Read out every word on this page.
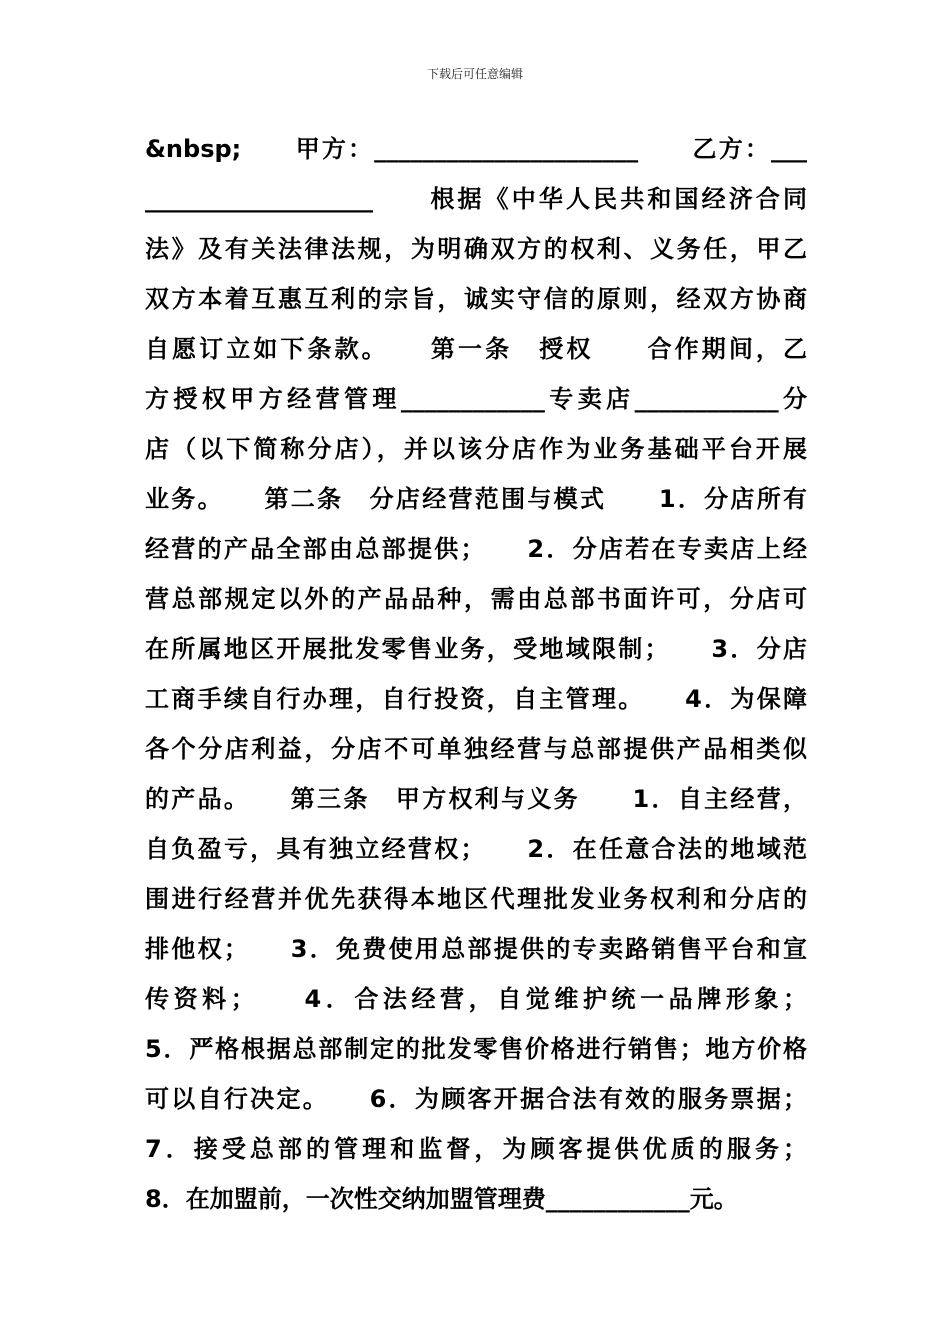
下载后可任意编辑
&nbsp;　　甲方：______________________　　乙方：___
___________________　　根据《中华人民共和国经济合同
法》及有关法律法规，为明确双方的权利、义务任，甲乙
双方本着互惠互利的宗旨，诚实守信的原则，经双方协商
自愿订立如下条款。　　第一条　授权　　合作期间，乙
方授权甲方经营管理____________专卖店____________分
店（以下简称分店），并以该分店作为业务基础平台开展
业务。　　第二条　分店经营范围与模式　　1．分店所有
经营的产品全部由总部提供；　　2．分店若在专卖店上经
营总部规定以外的产品品种，需由总部书面许可，分店可
在所属地区开展批发零售业务，受地域限制；　　3．分店
工商手续自行办理，自行投资，自主管理。　　4．为保障
各个分店利益，分店不可单独经营与总部提供产品相类似
的产品。　　第三条　甲方权利与义务　　1．自主经营，
自负盈亏，具有独立经营权；　　2．在任意合法的地域范
围进行经营并优先获得本地区代理批发业务权利和分店的
排他权；　　3．免费使用总部提供的专卖路销售平台和宣
传资料；　　4．合法经营，自觉维护统一品牌形象；
5．严格根据总部制定的批发零售价格进行销售；地方价格
可以自行决定。　　6．为顾客开据合法有效的服务票据；
7．接受总部的管理和监督，为顾客提供优质的服务；
8．在加盟前，一次性交纳加盟管理费____________元。
